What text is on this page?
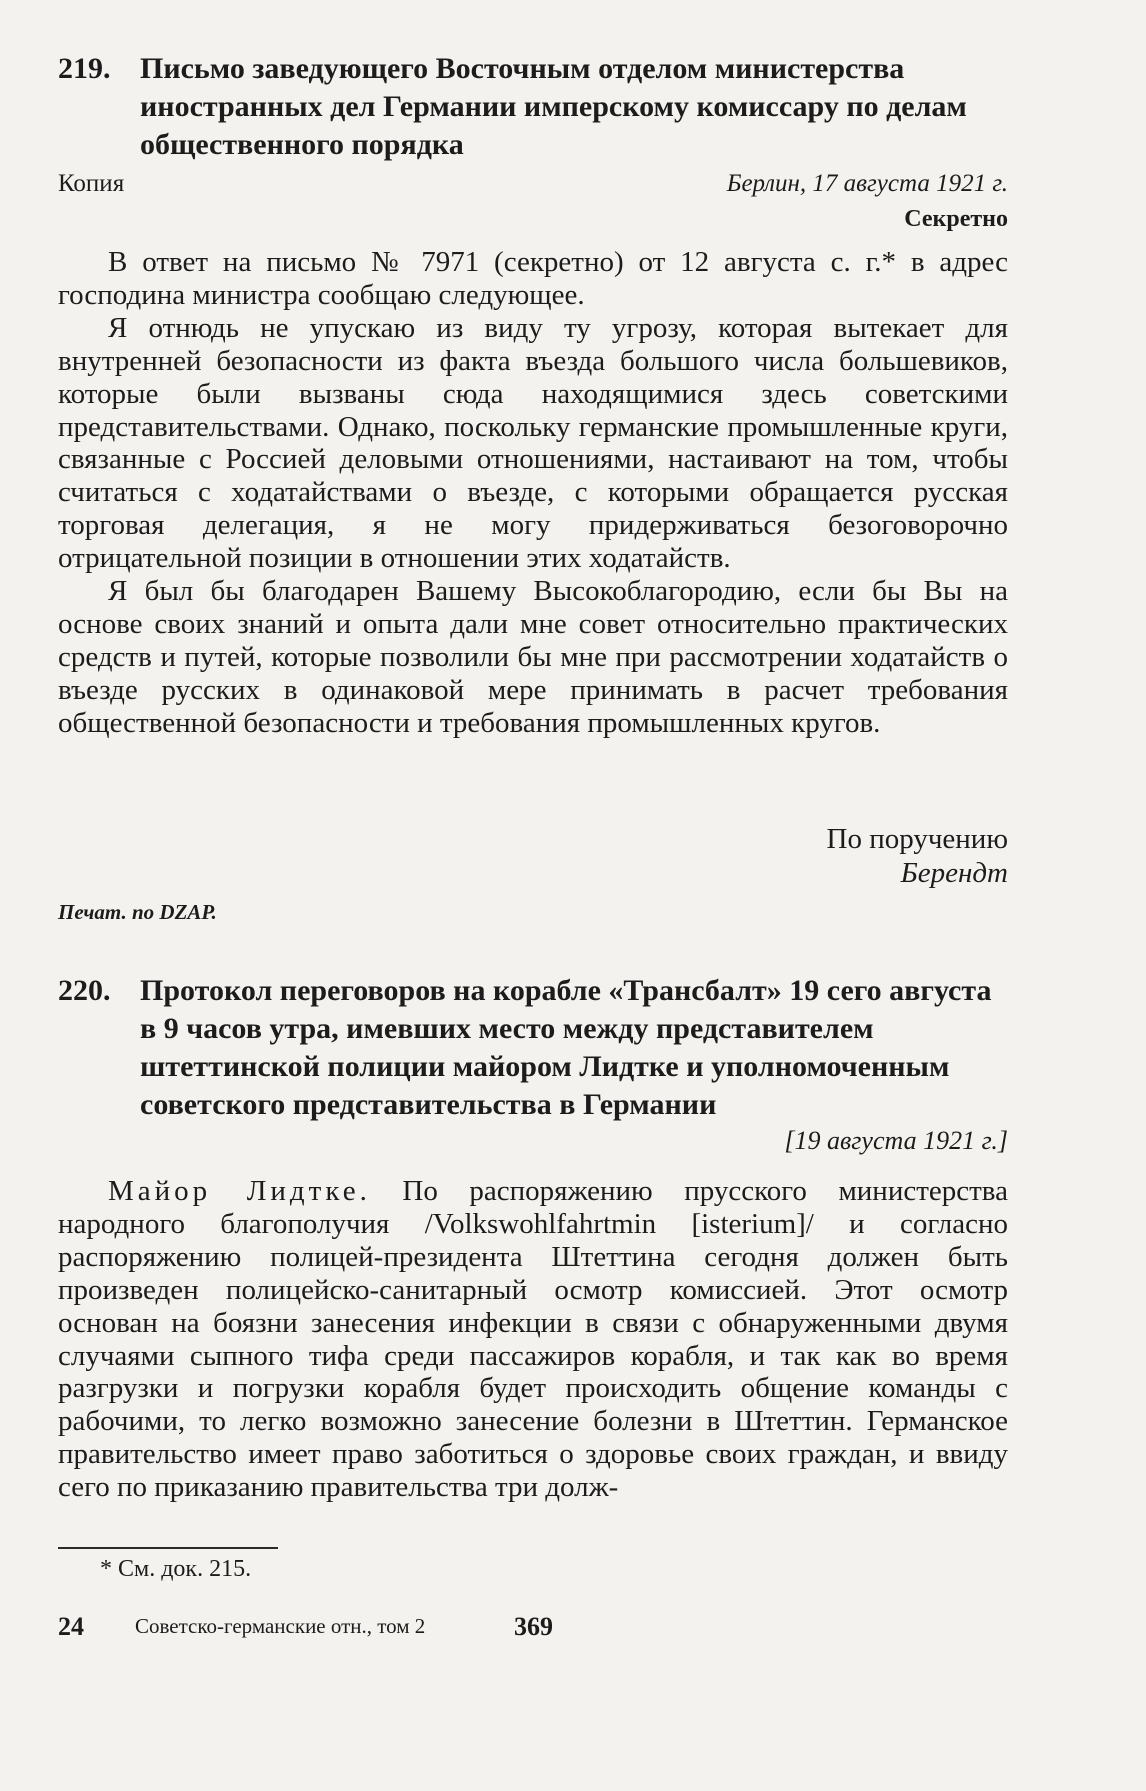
219. Письмо заведующего Восточным отделом министерства иностранных дел Германии имперскому комиссару по делам общественного порядка
Копия	Берлин, 17 августа 1921 г.
Секретно

В ответ на письмо № 7971 (секретно) от 12 августа с. г.* в адрес господина министра сообщаю следующее.

Я отнюдь не упускаю из виду ту угрозу, которая вытекает для внутренней безопасности из факта въезда большого числа большевиков, которые были вызваны сюда находящимися здесь советскими представительствами. Однако, поскольку германские промышленные круги, связанные с Россией деловыми отношениями, настаивают на том, чтобы считаться с ходатайствами о въезде, с которыми обращается русская торговая делегация, я не могу придерживаться безоговорочно отрицательной позиции в отношении этих ходатайств.

Я был бы благодарен Вашему Высокоблагородию, если бы Вы на основе своих знаний и опыта дали мне совет относительно практических средств и путей, которые позволили бы мне при рассмотрении ходатайств о въезде русских в одинаковой мере принимать в расчет требования общественной безопасности и требования промышленных кругов.

По поручению
Берендт
Печат. по DZAP.
220. Протокол переговоров на корабле «Трансбалт» 19 сего августа в 9 часов утра, имевших место между представителем штеттинской полиции майором Лидтке и уполномоченным советского представительства в Германии
[19 августа 1921 г.]

Майор Лидтке. По распоряжению прусского министерства народного благополучия /Volkswohlfahrtmin [isterium]/ и согласно распоряжению полицей-президента Штеттина сегодня должен быть произведен полицейско-санитарный осмотр комиссией. Этот осмотр основан на боязни занесения инфекции в связи с обнаруженными двумя случаями сыпного тифа среди пассажиров корабля, и так как во время разгрузки и погрузки корабля будет происходить общение команды с рабочими, то легко возможно занесение болезни в Штеттин. Германское правительство имеет право заботиться о здоровье своих граждан, и ввиду сего по приказанию правительства три долж-

* См. док. 215.
24 Советско-германские отн., том 2	369
